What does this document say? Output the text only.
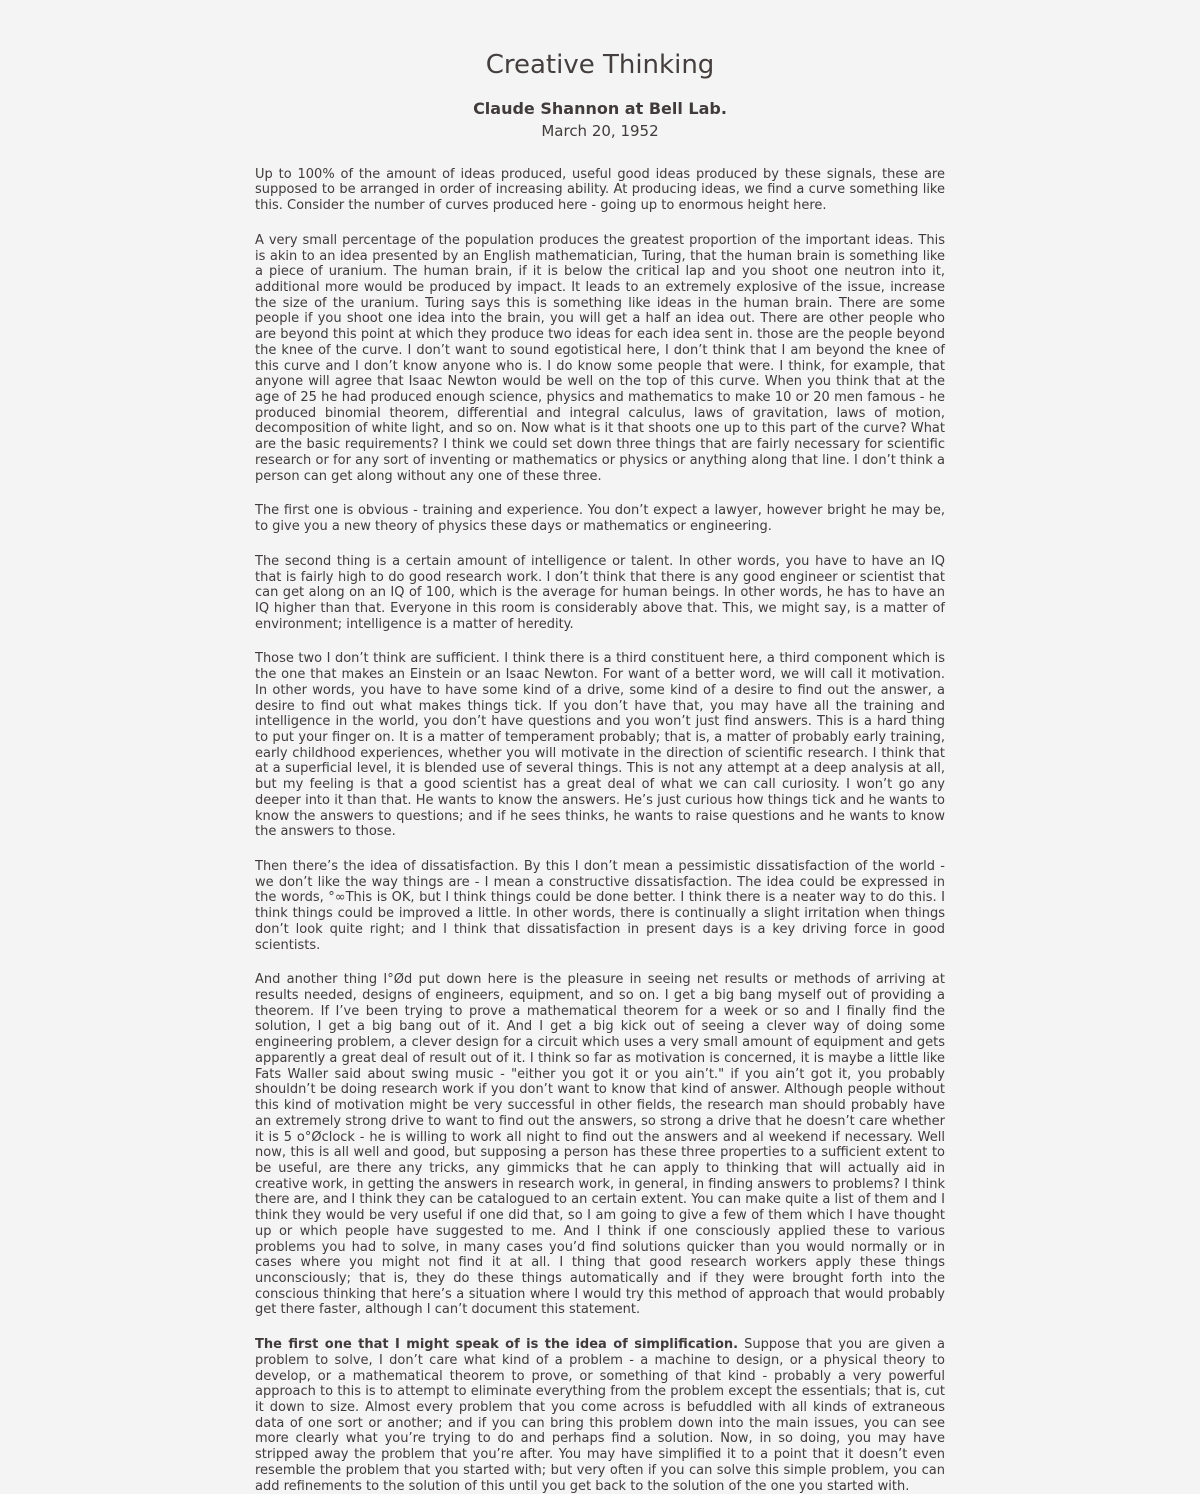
Creative Thinking
Claude Shannon at Bell Lab.
March 20, 1952

Up to 100% of the amount of ideas produced, useful good ideas produced by these signals, these are supposed to be arranged in order of increasing ability. At producing ideas, we find a curve something like this. Consider the number of curves produced here - going up to enormous height here.

A very small percentage of the population produces the greatest proportion of the important ideas. This is akin to an idea presented by an English mathematician, Turing, that the human brain is something like a piece of uranium. The human brain, if it is below the critical lap and you shoot one neutron into it, additional more would be produced by impact. It leads to an extremely explosive of the issue, increase the size of the uranium. Turing says this is something like ideas in the human brain. There are some people if you shoot one idea into the brain, you will get a half an idea out. There are other people who are beyond this point at which they produce two ideas for each idea sent in. those are the people beyond the knee of the curve. I don’t want to sound egotistical here, I don’t think that I am beyond the knee of this curve and I don’t know anyone who is. I do know some people that were. I think, for example, that anyone will agree that Isaac Newton would be well on the top of this curve. When you think that at the age of 25 he had produced enough science, physics and mathematics to make 10 or 20 men famous - he produced binomial theorem, differential and integral calculus, laws of gravitation, laws of motion, decomposition of white light, and so on. Now what is it that shoots one up to this part of the curve? What are the basic requirements? I think we could set down three things that are fairly necessary for scientific research or for any sort of inventing or mathematics or physics or anything along that line. I don’t think a person can get along without any one of these three.

The first one is obvious - training and experience. You don’t expect a lawyer, however bright he may be, to give you a new theory of physics these days or mathematics or engineering.

The second thing is a certain amount of intelligence or talent. In other words, you have to have an IQ that is fairly high to do good research work. I don’t think that there is any good engineer or scientist that can get along on an IQ of 100, which is the average for human beings. In other words, he has to have an IQ higher than that. Everyone in this room is considerably above that. This, we might say, is a matter of environment; intelligence is a matter of heredity.

Those two I don’t think are sufficient. I think there is a third constituent here, a third component which is the one that makes an Einstein or an Isaac Newton. For want of a better word, we will call it motivation. In other words, you have to have some kind of a drive, some kind of a desire to find out the answer, a desire to find out what makes things tick. If you don’t have that, you may have all the training and intelligence in the world, you don’t have questions and you won’t just find answers. This is a hard thing to put your finger on. It is a matter of temperament probably; that is, a matter of probably early training, early childhood experiences, whether you will motivate in the direction of scientific research. I think that at a superficial level, it is blended use of several things. This is not any attempt at a deep analysis at all, but my feeling is that a good scientist has a great deal of what we can call curiosity. I won’t go any deeper into it than that. He wants to know the answers. He’s just curious how things tick and he wants to know the answers to questions; and if he sees thinks, he wants to raise questions and he wants to know the answers to those.

Then there’s the idea of dissatisfaction. By this I don’t mean a pessimistic dissatisfaction of the world - we don’t like the way things are - I mean a constructive dissatisfaction. The idea could be expressed in the words, °∞This is OK, but I think things could be done better. I think there is a neater way to do this. I think things could be improved a little. In other words, there is continually a slight irritation when things don’t look quite right; and I think that dissatisfaction in present days is a key driving force in good scientists.

And another thing I°Ød put down here is the pleasure in seeing net results or methods of arriving at results needed, designs of engineers, equipment, and so on. I get a big bang myself out of providing a theorem. If I’ve been trying to prove a mathematical theorem for a week or so and I finally find the solution, I get a big bang out of it. And I get a big kick out of seeing a clever way of doing some engineering problem, a clever design for a circuit which uses a very small amount of equipment and gets apparently a great deal of result out of it. I think so far as motivation is concerned, it is maybe a little like Fats Waller said about swing music - "either you got it or you ain’t." if you ain’t got it, you probably shouldn’t be doing research work if you don’t want to know that kind of answer. Although people without this kind of motivation might be very successful in other fields, the research man should probably have an extremely strong drive to want to find out the answers, so strong a drive that he doesn’t care whether it is 5 o°Øclock - he is willing to work all night to find out the answers and al weekend if necessary. Well now, this is all well and good, but supposing a person has these three properties to a sufficient extent to be useful, are there any tricks, any gimmicks that he can apply to thinking that will actually aid in creative work, in getting the answers in research work, in general, in finding answers to problems? I think there are, and I think they can be catalogued to an certain extent. You can make quite a list of them and I think they would be very useful if one did that, so I am going to give a few of them which I have thought up or which people have suggested to me. And I think if one consciously applied these to various problems you had to solve, in many cases you’d find solutions quicker than you would normally or in cases where you might not find it at all. I thing that good research workers apply these things unconsciously; that is, they do these things automatically and if they were brought forth into the conscious thinking that here’s a situation where I would try this method of approach that would probably get there faster, although I can’t document this statement.

The first one that I might speak of is the idea of simplification. Suppose that you are given a problem to solve, I don’t care what kind of a problem - a machine to design, or a physical theory to develop, or a mathematical theorem to prove, or something of that kind - probably a very powerful approach to this is to attempt to eliminate everything from the problem except the essentials; that is, cut it down to size. Almost every problem that you come across is befuddled with all kinds of extraneous data of one sort or another; and if you can bring this problem down into the main issues, you can see more clearly what you’re trying to do and perhaps find a solution. Now, in so doing, you may have stripped away the problem that you’re after. You may have simplified it to a point that it doesn’t even resemble the problem that you started with; but very often if you can solve this simple problem, you can add refinements to the solution of this until you get back to the solution of the one you started with.
